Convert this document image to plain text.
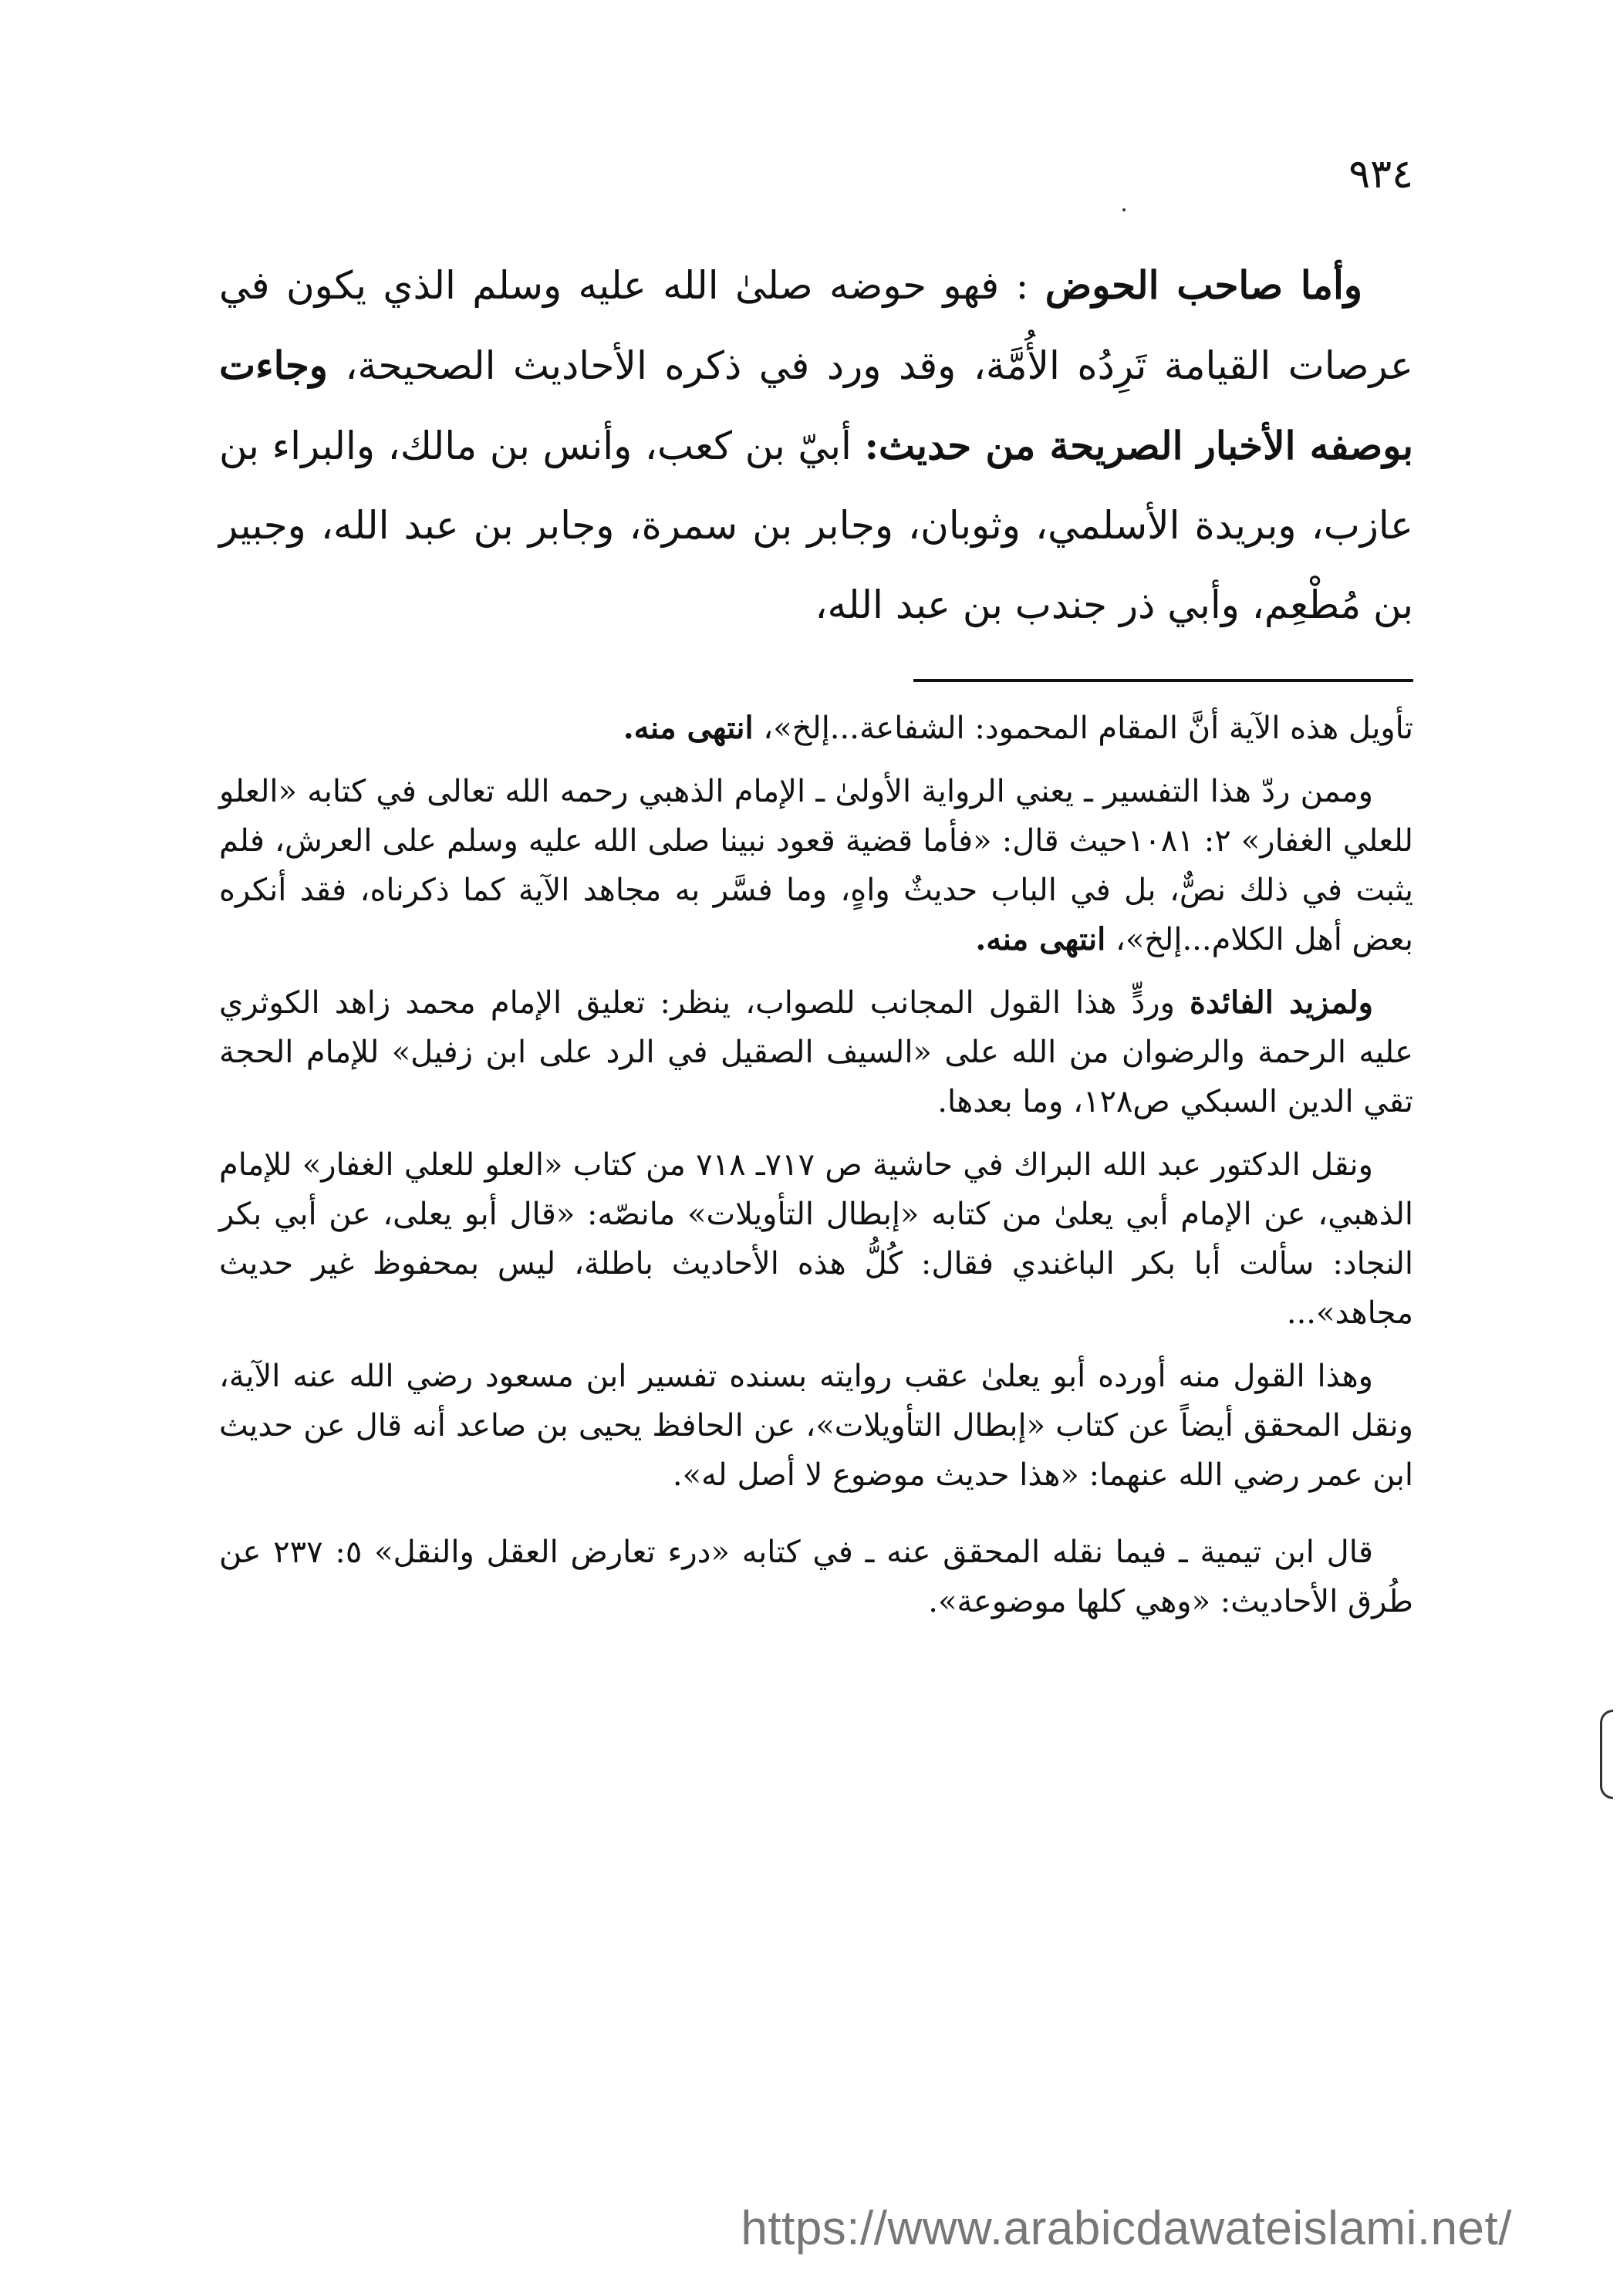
٩٣٤
وأما صاحب الحوض : فهو حوضه صلىٰ الله عليه وسلم الذي يكون في عرصات القيامة تَرِدُه الأُمَّة، وقد ورد في ذكره الأحاديث الصحيحة، وجاءت بوصفه الأخبار الصريحة من حديث: أبيّ بن كعب، وأنس بن مالك، والبراء بن عازب، وبريدة الأسلمي، وثوبان، وجابر بن سمرة، وجابر بن عبد الله، وجبير بن مُطْعِم، وأبي ذر جندب بن عبد الله،

تأويل هذه الآية أنَّ المقام المحمود: الشفاعة...إلخ»، انتهى منه.

وممن ردّ هذا التفسير ـ يعني الرواية الأولىٰ ـ الإمام الذهبي رحمه الله تعالى في كتابه «العلو للعلي الغفار» ٢: ١٠٨١حيث قال: «فأما قضية قعود نبينا صلى الله عليه وسلم على العرش، فلم يثبت في ذلك نصٌّ، بل في الباب حديثٌ واهٍ، وما فسَّر به مجاهد الآية كما ذكرناه، فقد أنكره بعض أهل الكلام...إلخ»، انتهى منه.

ولمزيد الفائدة وردٍّ هذا القول المجانب للصواب، ينظر: تعليق الإمام محمد زاهد الكوثري عليه الرحمة والرضوان من الله على «السيف الصقيل في الرد على ابن زفيل» للإمام الحجة تقي الدين السبكي ص١٢٨، وما بعدها.

ونقل الدكتور عبد الله البراك في حاشية ص ٧١٧ـ ٧١٨ من كتاب «العلو للعلي الغفار» للإمام الذهبي، عن الإمام أبي يعلىٰ من كتابه «إبطال التأويلات» مانصّه: «قال أبو يعلى، عن أبي بكر النجاد: سألت أبا بكر الباغندي فقال: كُلُّ هذه الأحاديث باطلة، ليس بمحفوظ غير حديث مجاهد»...

وهذا القول منه أورده أبو يعلىٰ عقب روايته بسنده تفسير ابن مسعود رضي الله عنه الآية، ونقل المحقق أيضاً عن كتاب «إبطال التأويلات»، عن الحافظ يحيى بن صاعد أنه قال عن حديث ابن عمر رضي الله عنهما: «هذا حديث موضوع لا أصل له».

قال ابن تيمية ـ فيما نقله المحقق عنه ـ في كتابه «درء تعارض العقل والنقل» ٥: ٢٣٧ عن طُرق الأحاديث: «وهي كلها موضوعة».

https://www.arabicdawateislami.net/
